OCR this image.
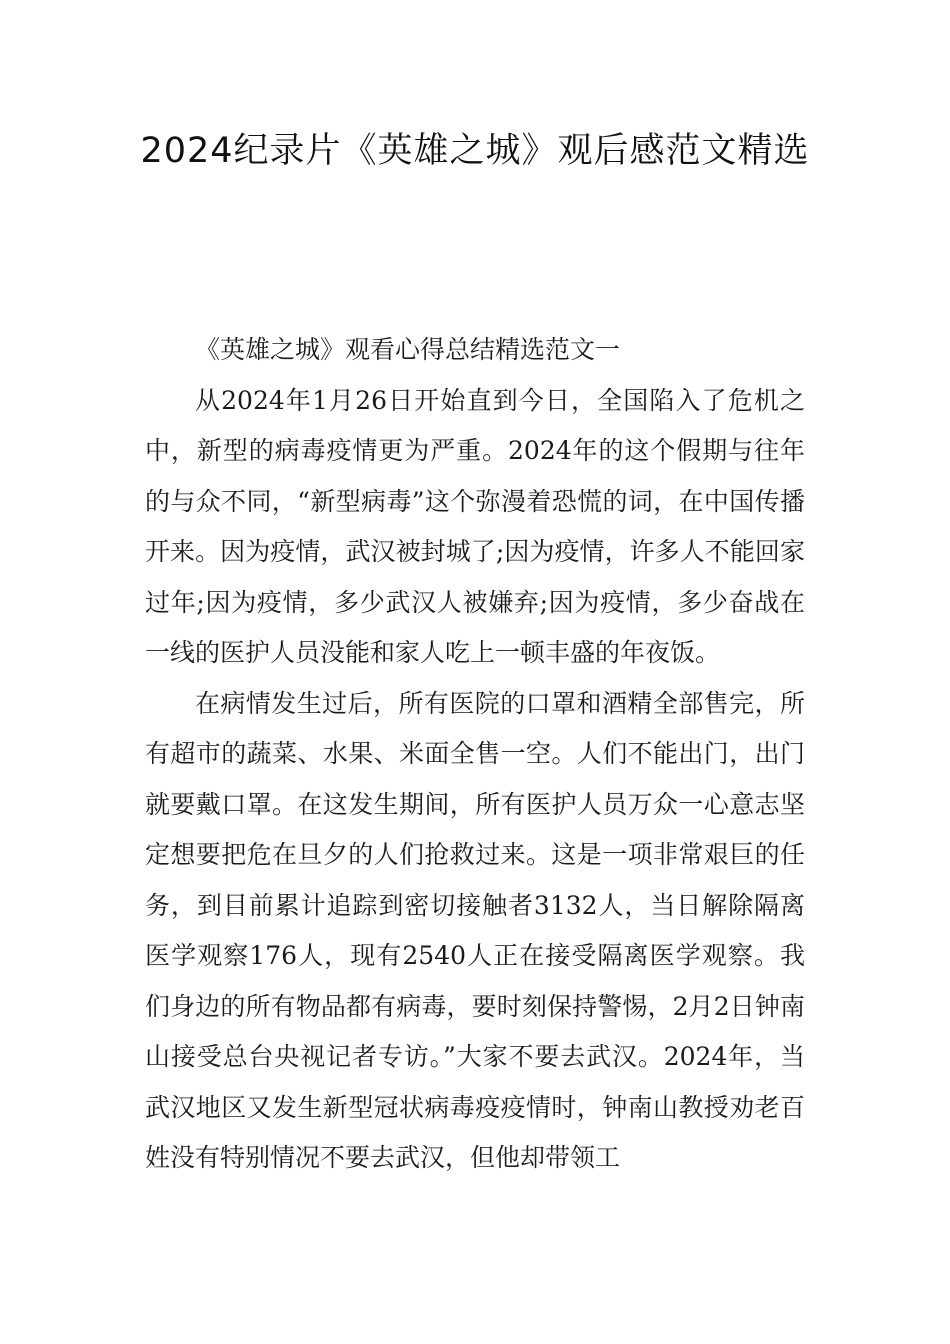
2024纪录片《英雄之城》观后感范文精选

《英雄之城》观看心得总结精选范文一

从2024年1月26日开始直到今日，全国陷入了危机之中，新型的病毒疫情更为严重。2024年的这个假期与往年的与众不同，“新型病毒”这个弥漫着恐慌的词，在中国传播开来。因为疫情，武汉被封城了;因为疫情，许多人不能回家过年;因为疫情，多少武汉人被嫌弃;因为疫情，多少奋战在一线的医护人员没能和家人吃上一顿丰盛的年夜饭。

在病情发生过后，所有医院的口罩和酒精全部售完，所有超市的蔬菜、水果、米面全售一空。人们不能出门，出门就要戴口罩。在这发生期间，所有医护人员万众一心意志坚定想要把危在旦夕的人们抢救过来。这是一项非常艰巨的任务，到目前累计追踪到密切接触者3132人，当日解除隔离医学观察176人，现有2540人正在接受隔离医学观察。我们身边的所有物品都有病毒，要时刻保持警惕，2月2日钟南山接受总台央视记者专访。”大家不要去武汉。2024年，当武汉地区又发生新型冠状病毒疫疫情时，钟南山教授劝老百姓没有特别情况不要去武汉，但他却带领工
